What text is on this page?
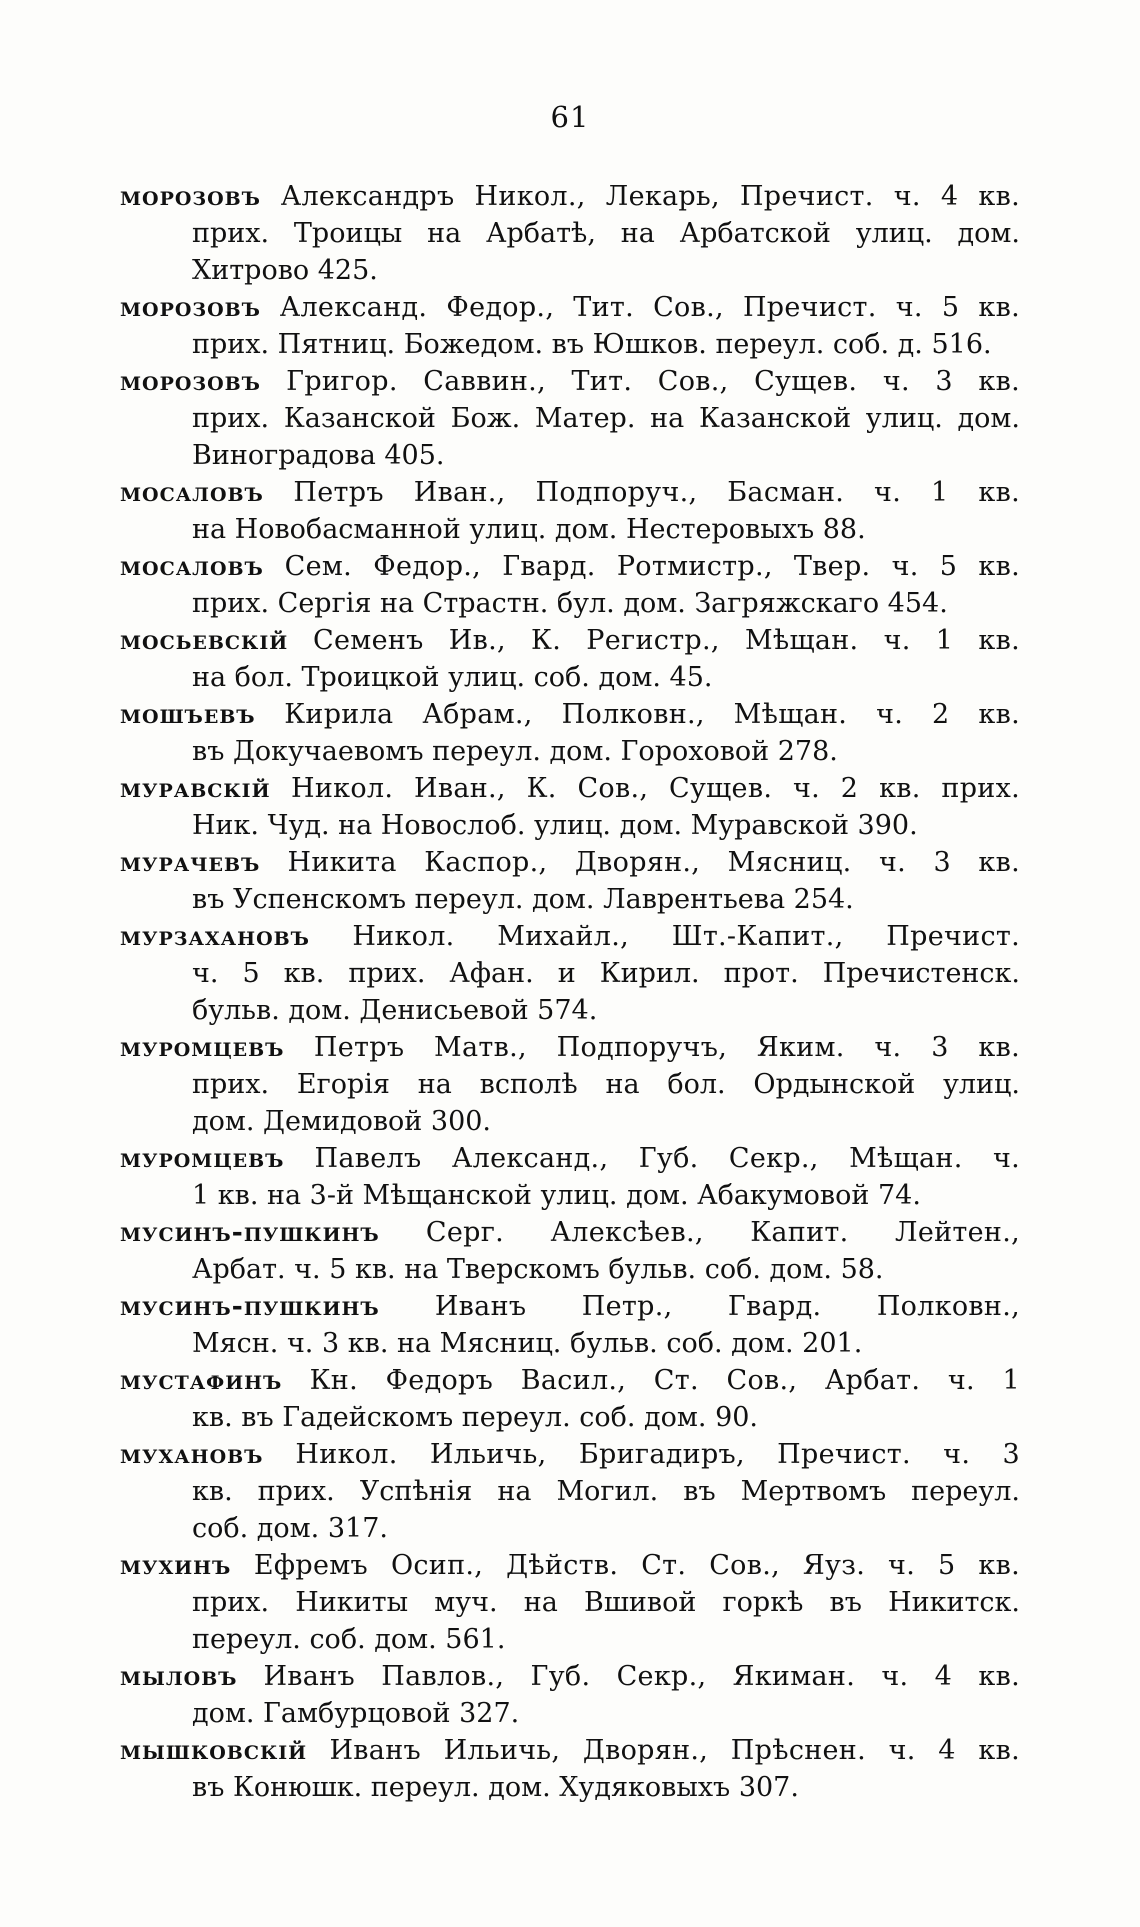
61
морозовъ Александръ Никол., Лекарь, Пречист. ч. 4 кв.
прих. Троицы на Арбатѣ, на Арбатской улиц. дом.
Хитрово 425.
морозовъ Александ. Федор., Тит. Сов., Пречист. ч. 5 кв.
прих. Пятниц. Божедом. въ Юшков. переул. соб. д. 516.
морозовъ Григор. Саввин., Тит. Сов., Сущев. ч. 3 кв.
прих. Казанской Бож. Матер. на Казанской улиц. дом.
Виноградова 405.
мосаловъ Петръ Иван., Подпоруч., Басман. ч. 1 кв.
на Новобасманной улиц. дом. Нестеровыхъ 88.
мосаловъ Сем. Федор., Гвард. Ротмистр., Твер. ч. 5 кв.
прих. Сергія на Страстн. бул. дом. Загряжскаго 454.
мосьевскій Семенъ Ив., К. Регистр., Мѣщан. ч. 1 кв.
на бол. Троицкой улиц. соб. дом. 45.
мошъевъ Кирила Абрам., Полковн., Мѣщан. ч. 2 кв.
въ Докучаевомъ переул. дом. Гороховой 278.
муравскій Никол. Иван., К. Сов., Сущев. ч. 2 кв. прих.
Ник. Чуд. на Новослоб. улиц. дом. Муравской 390.
мурачевъ Никита Каспор., Дворян., Мясниц. ч. 3 кв.
въ Успенскомъ переул. дом. Лаврентьева 254.
мурзахановъ Никол. Михайл., Шт.-Капит., Пречист.
ч. 5 кв. прих. Афан. и Кирил. прот. Пречистенск.
бульв. дом. Денисьевой 574.
муромцевъ Петръ Матв., Подпоручъ, Яким. ч. 3 кв.
прих. Егорія на всполѣ на бол. Ордынской улиц.
дом. Демидовой 300.
муромцевъ Павелъ Александ., Губ. Секр., Мѣщан. ч.
1 кв. на 3-й Мѣщанской улиц. дом. Абакумовой 74.
мусинъ-пушкинъ Серг. Алексѣев., Капит. Лейтен.,
Арбат. ч. 5 кв. на Тверскомъ бульв. соб. дом. 58.
мусинъ-пушкинъ Иванъ Петр., Гвард. Полковн.,
Мясн. ч. 3 кв. на Мясниц. бульв. соб. дом. 201.
мустафинъ Кн. Федоръ Васил., Ст. Сов., Арбат. ч. 1
кв. въ Гадейскомъ переул. соб. дом. 90.
мухановъ Никол. Ильичь, Бригадиръ, Пречист. ч. 3
кв. прих. Успѣнія на Могил. въ Мертвомъ переул.
соб. дом. 317.
мухинъ Ефремъ Осип., Дѣйств. Ст. Сов., Яуз. ч. 5 кв.
прих. Никиты муч. на Вшивой горкѣ въ Никитск.
переул. соб. дом. 561.
мыловъ Иванъ Павлов., Губ. Секр., Якиман. ч. 4 кв.
дом. Гамбурцовой 327.
мышковскій Иванъ Ильичь, Дворян., Прѣснен. ч. 4 кв.
въ Конюшк. переул. дом. Худяковыхъ 307.
